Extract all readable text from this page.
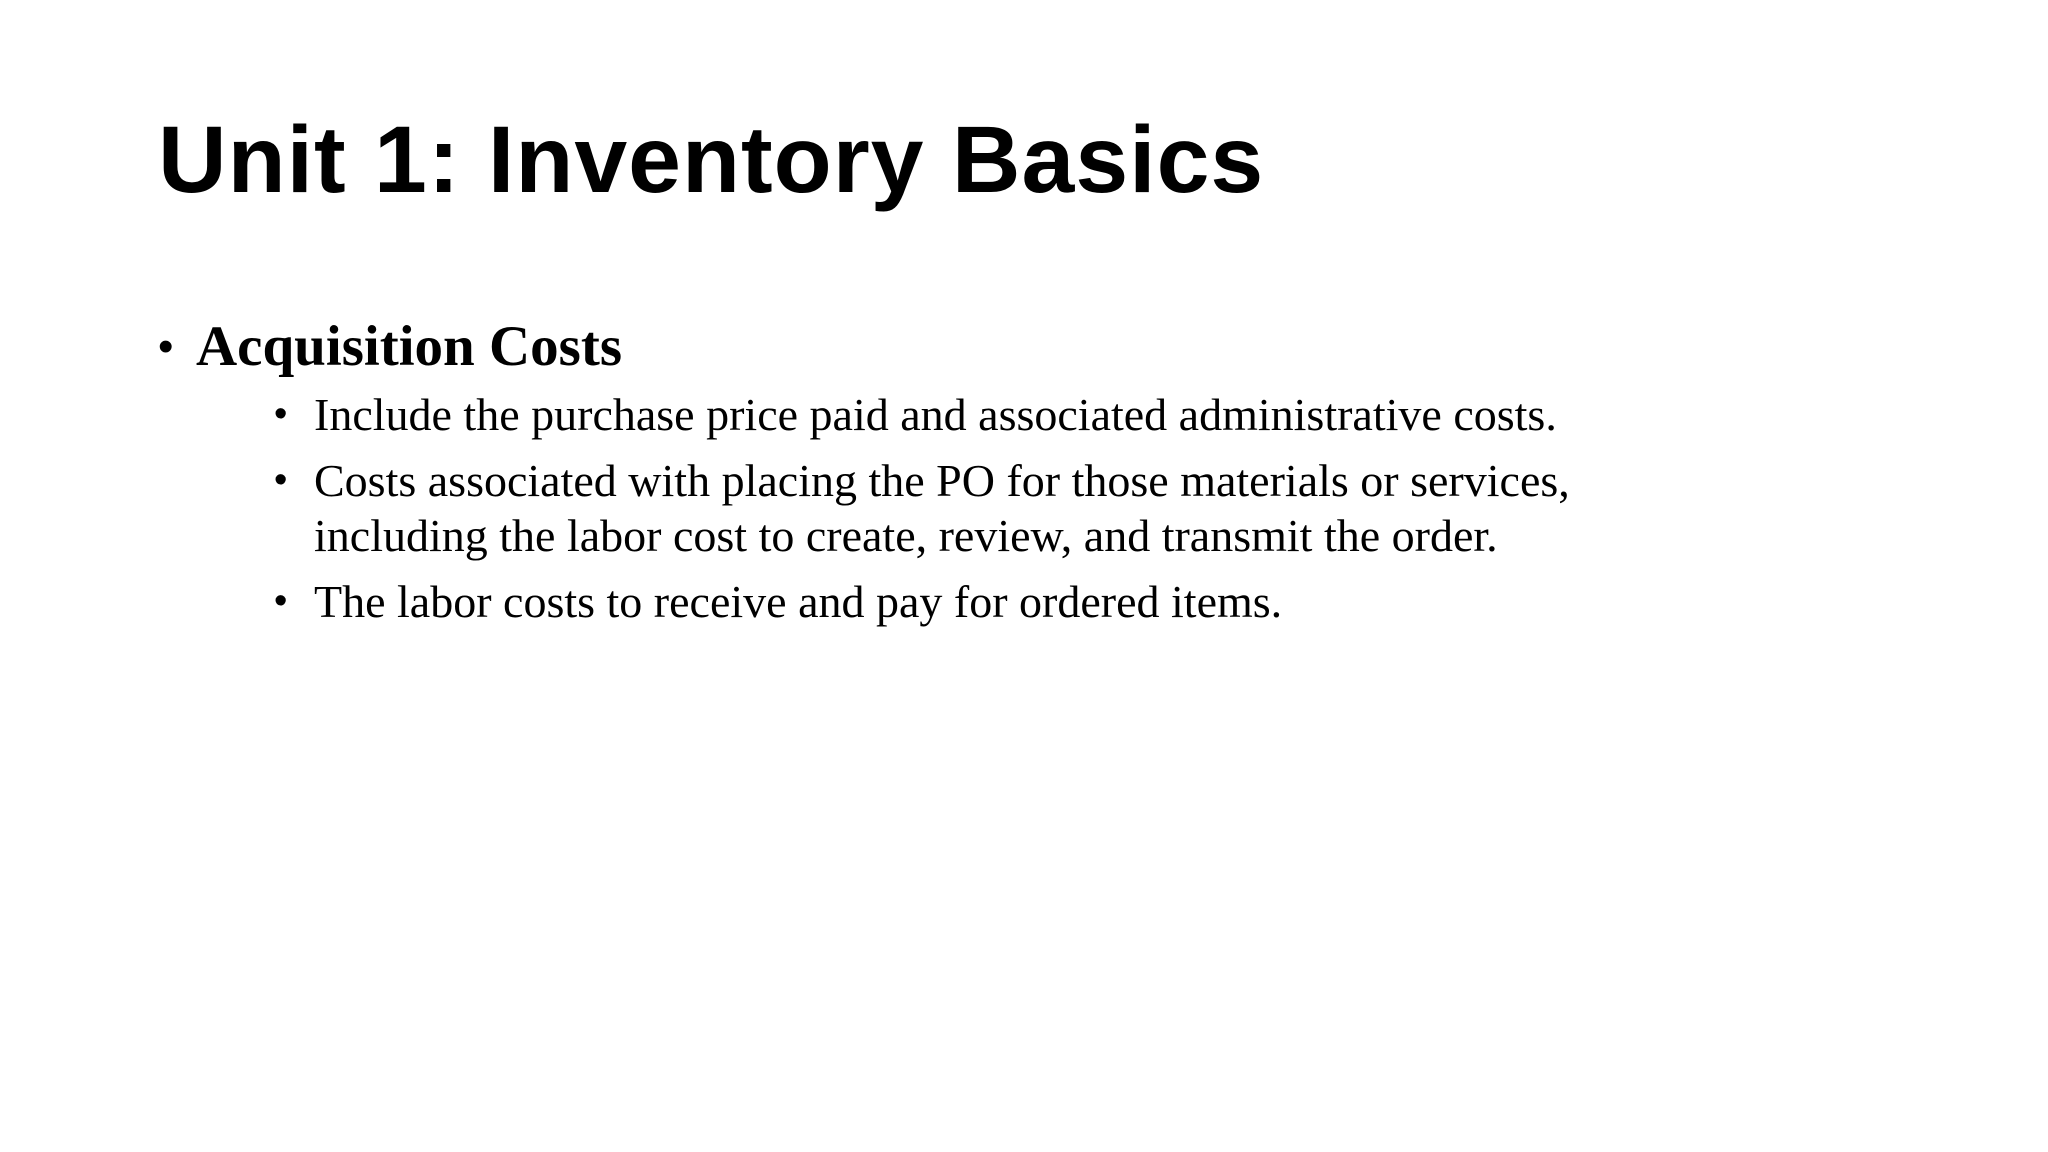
Unit 1: Inventory Basics
• Acquisition Costs
• Include the purchase price paid and associated administrative costs.
• Costs associated with placing the PO for those materials or services, including the labor cost to create, review, and transmit the order.
• The labor costs to receive and pay for ordered items.
